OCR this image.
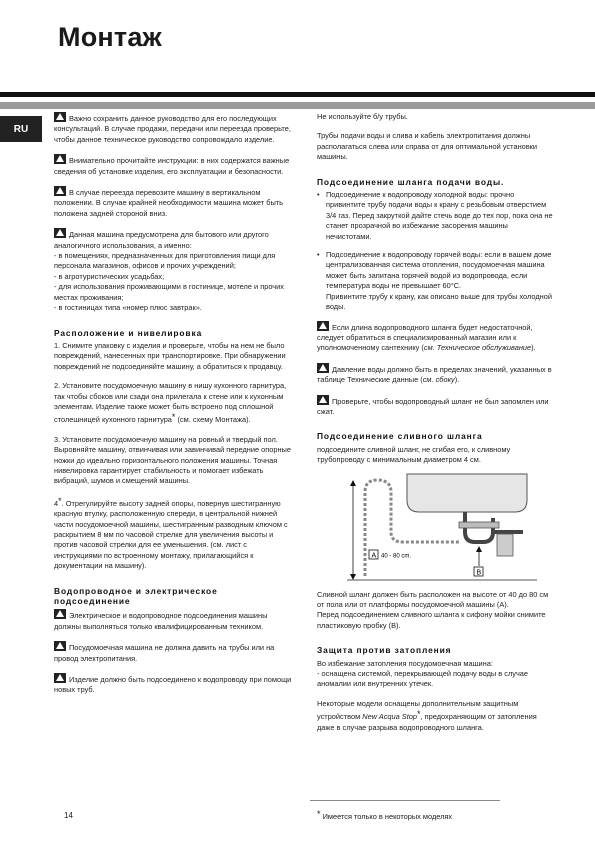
Монтаж
RU

Важно сохранить данное руководство для его последующих консультаций. В случае продажи, передачи или переезда проверьте, чтобы данное техническое руководство сопровождало изделие.

Внимательно прочитайте инструкции: в них содержатся важные сведения об установке изделия, его эксплуатации и безопасности.

В случае переезда перевозите машину в вертикальном положении. В случае крайней необходимости машина может быть положена задней стороной вниз.

Данная машина предусмотрена для бытового или другого аналогичного использования, а именно:

- в помещениях, предназначенных для приготовления пищи для персонала магазинов, офисов и прочих учреждений;
- в агротуристических усадьбах;
- для использования проживающими в гостинице, мотеле и прочих местах проживания;
- в гостиницах типа «номер плюс завтрак».
Расположение и нивелировка

1. Снимите упаковку с изделия и проверьте, чтобы на нем не было повреждений, нанесенных при транспортировке. При обнаружении повреждений не подсоединяйте машину, а обратиться к продавцу.

2. Установите посудомоечную машину в нишу кухонного гарнитура, так чтобы сбоков или сзади она прилегала к стене или к кухонным элементам. Изделие также может быть встроено под сплошной столешницей кухонного гарнитура* (см. схему Монтажа).

3. Установите посудомоечную машину на ровный и твердый пол. Выровняйте машину, отвинчивая или завинчивай передние опорные ножки до идеально горизонтального положения машины. Точная нивелировка гарантирует стабильность и помогает избежать вибраций, шумов и смещений машины.

4*. Отрегулируйте высоту задней опоры, повернув шестигранную красную втулку, расположенную спереди, в центральной нижней части посудомоечной машины, шестигранным разводным ключом с раскрытием 8 мм по часовой стрелке для увеличения высоты и против часовой стрелки для ее уменьшения. (см. лист с инструкциями по встроенному монтажу, прилагающийся к документации на машину).

Водопроводное и электрическое подсоединение

Электрическое и водопроводное подсоединения машины должны выполняться только квалифицированным техником.

Посудомоечная машина не должна давить на трубы или на провод электропитания.

Изделие должно быть подсоединено к водопроводу при помощи новых труб.

Не используйте б/у трубы.

Трубы подачи воды и слива и кабель электропитания должны располагаться слева или справа от для оптимальной установки машины.

Подсоединение шланга подачи воды.
• Подсоединение к водопроводу холодной воды: прочно привинтите трубу подачи воды к крану с резьбовым отверстием 3/4 газ. Перед закруткой дайте стечь воде до тех пор, пока она не станет прозрачной во избежание засорения машины нечистотами.
• Подсоединение к водопроводу горячей воды: если в вашем доме централизованная система отопления, посудомоечная машина может быть запитана горячей водой из водопровода, если температура воды не превышает 60°С.
Привинтите трубу к крану, как описано выше для трубы холодной воды.

Если длина водопроводного шланга будет недостаточной, следует обратиться в специализированный магазин или к уполномоченному сантехнику (см. Техническое обслуживание).

Давление воды должно быть в пределах значений, указанных в таблице Технические данные (см. сбоку).

Проверьте, чтобы водопроводный шланг не был запомлен или сжат.

Подсоединение сливного шланга

подсоедините сливной шланг, не сгибая его, к сливному трубопроводу с минимальным диаметром 4 см.

A 40 - 80 cm.
B

Сливной шланг должен быть расположен на высоте от 40 до 80 см от пола или от платформы посудомоечной машины (A).
Перед подсоединением сливного шланга к сифону мойки снимите пластиковую пробку (B).

Защита против затопления

Во избежание затопления посудомоечная машина:
- оснащена системой, перекрывающей подачу воды в случае аномалии или внутренних утечек.

Некоторые модели оснащены дополнительным защитным устройством New Acqua Stop*, предохраняющим от затопления даже в случае разрыва водопроводного шланга.

14	* Имеется только в некоторых моделях
